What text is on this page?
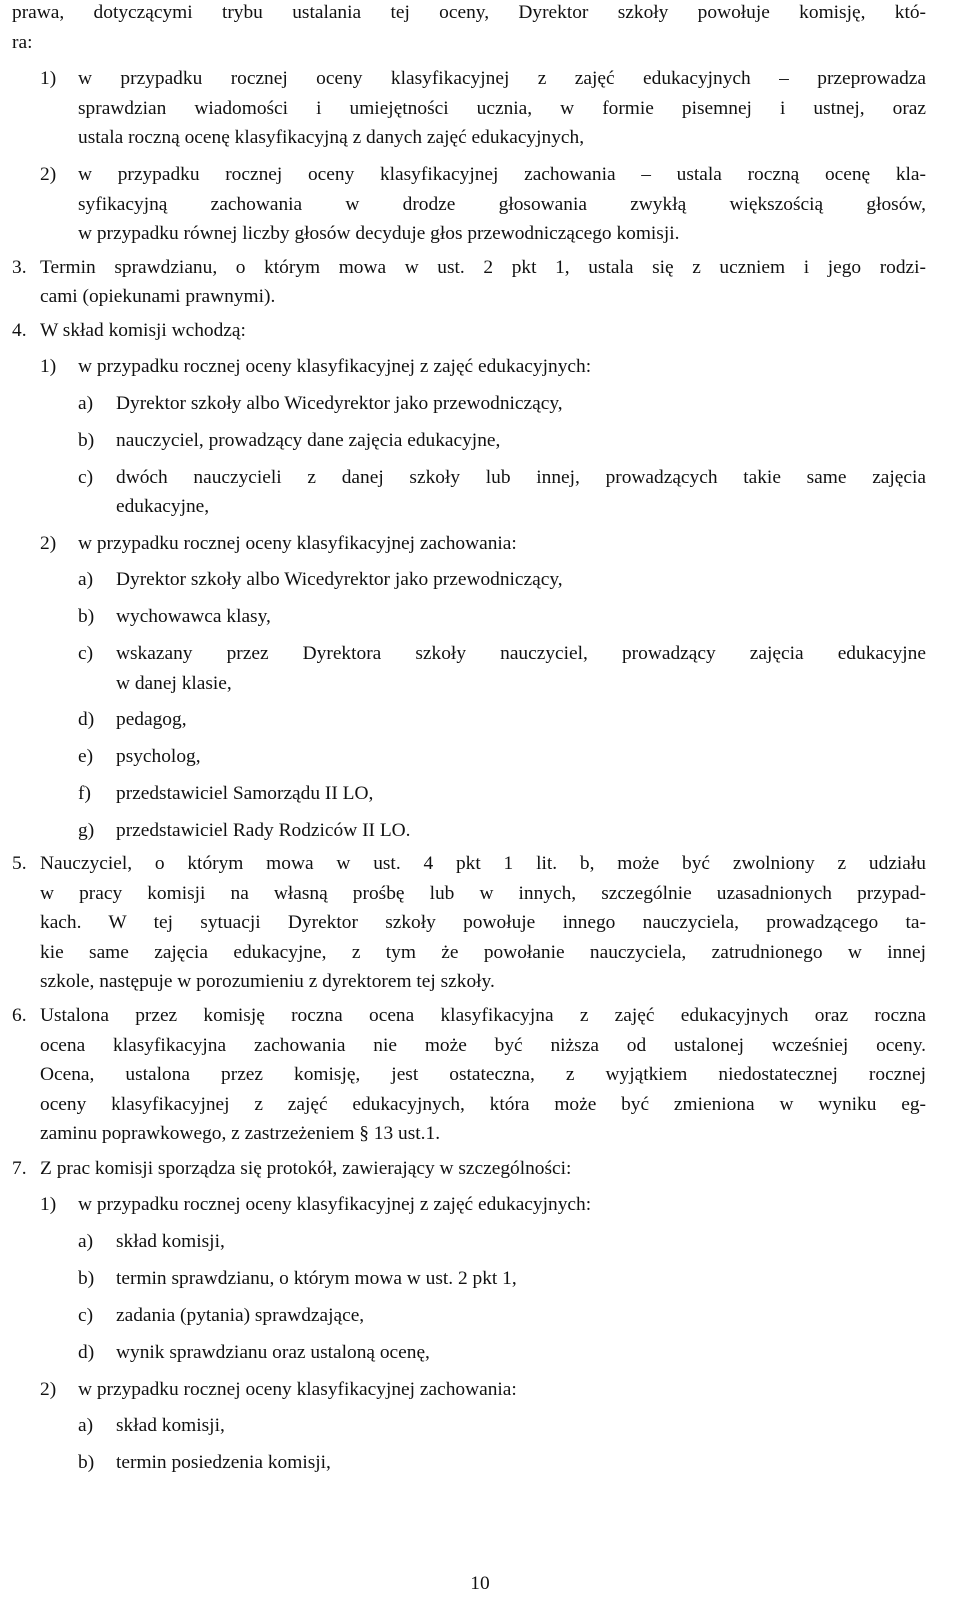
prawa, dotyczącymi trybu ustalania tej oceny, Dyrektor szkoły powołuje komisję, któ-
ra:
1) w przypadku rocznej oceny klasyfikacyjnej z zajęć edukacyjnych – przeprowadza
sprawdzian wiadomości i umiejętności ucznia, w formie pisemnej i ustnej, oraz
ustala roczną ocenę klasyfikacyjną z danych zajęć edukacyjnych,
2) w przypadku rocznej oceny klasyfikacyjnej zachowania – ustala roczną ocenę kla-
syfikacyjną zachowania w drodze głosowania zwykłą większością głosów,
w przypadku równej liczby głosów decyduje głos przewodniczącego komisji.
3. Termin sprawdzianu, o którym mowa w ust. 2 pkt 1, ustala się z uczniem i jego rodzi-
cami (opiekunami prawnymi).
4. W skład komisji wchodzą:
1) w przypadku rocznej oceny klasyfikacyjnej z zajęć edukacyjnych:
a) Dyrektor szkoły albo Wicedyrektor jako przewodniczący,
b) nauczyciel, prowadzący dane zajęcia edukacyjne,
c) dwóch nauczycieli z danej szkoły lub innej, prowadzących takie same zajęcia
edukacyjne,
2) w przypadku rocznej oceny klasyfikacyjnej zachowania:
a) Dyrektor szkoły albo Wicedyrektor jako przewodniczący,
b) wychowawca klasy,
c) wskazany przez Dyrektora szkoły nauczyciel, prowadzący zajęcia edukacyjne
w danej klasie,
d) pedagog,
e) psycholog,
f) przedstawiciel Samorządu II LO,
g) przedstawiciel Rady Rodziców II LO.
5. Nauczyciel, o którym mowa w ust. 4 pkt 1 lit. b, może być zwolniony z udziału
w pracy komisji na własną prośbę lub w innych, szczególnie uzasadnionych przypad-
kach. W tej sytuacji Dyrektor szkoły powołuje innego nauczyciela, prowadzącego ta-
kie same zajęcia edukacyjne, z tym że powołanie nauczyciela, zatrudnionego w innej
szkole, następuje w porozumieniu z dyrektorem tej szkoły.
6. Ustalona przez komisję roczna ocena klasyfikacyjna z zajęć edukacyjnych oraz roczna
ocena klasyfikacyjna zachowania nie może być niższa od ustalonej wcześniej oceny.
Ocena, ustalona przez komisję, jest ostateczna, z wyjątkiem niedostatecznej rocznej
oceny klasyfikacyjnej z zajęć edukacyjnych, która może być zmieniona w wyniku eg-
zaminu poprawkowego, z zastrzeżeniem § 13 ust.1.
7. Z prac komisji sporządza się protokół, zawierający w szczególności:
1) w przypadku rocznej oceny klasyfikacyjnej z zajęć edukacyjnych:
a) skład komisji,
b) termin sprawdzianu, o którym mowa w ust. 2 pkt 1,
c) zadania (pytania) sprawdzające,
d) wynik sprawdzianu oraz ustaloną ocenę,
2) w przypadku rocznej oceny klasyfikacyjnej zachowania:
a) skład komisji,
b) termin posiedzenia komisji,
10
